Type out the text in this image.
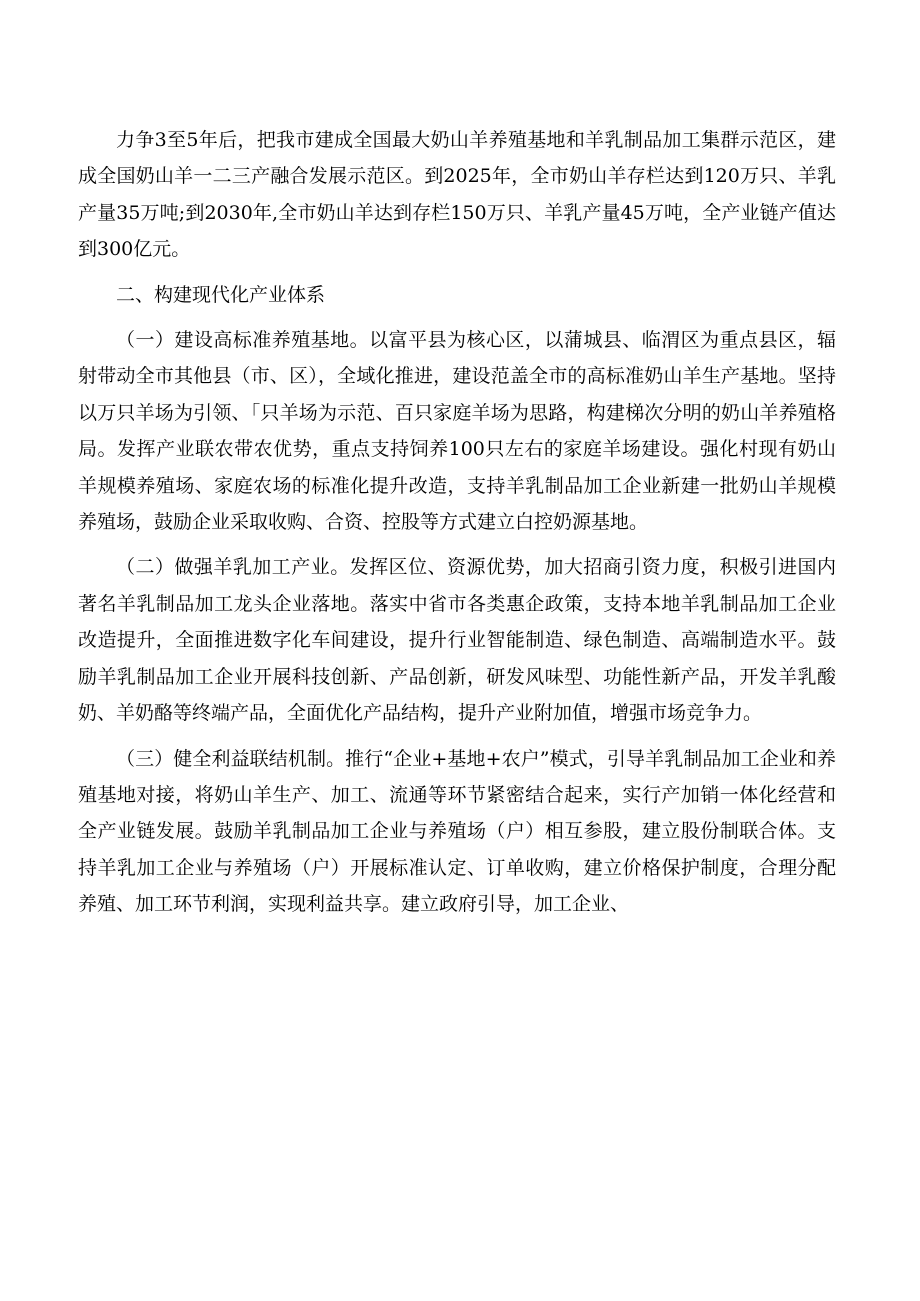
力争3至5年后，把我市建成全国最大奶山羊养殖基地和羊乳制品加工集群示范区，建成全国奶山羊一二三产融合发展示范区。到2025年，全市奶山羊存栏达到120万只、羊乳产量35万吨;到2030年,全市奶山羊达到存栏150万只、羊乳产量45万吨，全产业链产值达到300亿元。

二、构建现代化产业体系

（一）建设高标准养殖基地。以富平县为核心区，以蒲城县、临渭区为重点县区，辐射带动全市其他县（市、区），全域化推进，建设范盖全市的高标准奶山羊生产基地。坚持以万只羊场为引领、「只羊场为示范、百只家庭羊场为思路，构建梯次分明的奶山羊养殖格局。发挥产业联农带农优势，重点支持饲养100只左右的家庭羊场建设。强化村现有奶山羊规模养殖场、家庭农场的标准化提升改造，支持羊乳制品加工企业新建一批奶山羊规模养殖场，鼓励企业采取收购、合资、控股等方式建立白控奶源基地。

（二）做强羊乳加工产业。发挥区位、资源优势，加大招商引资力度，积极引进国内著名羊乳制品加工龙头企业落地。落实中省市各类惠企政策，支持本地羊乳制品加工企业改造提升，全面推进数字化车间建设，提升行业智能制造、绿色制造、高端制造水平。鼓励羊乳制品加工企业开展科技创新、产品创新，研发风味型、功能性新产品，开发羊乳酸奶、羊奶酪等终端产品，全面优化产品结构，提升产业附加值，增强市场竞争力。

（三）健全利益联结机制。推行“企业+基地+农户”模式，引导羊乳制品加工企业和养殖基地对接，将奶山羊生产、加工、流通等环节紧密结合起来，实行产加销一体化经营和全产业链发展。鼓励羊乳制品加工企业与养殖场（户）相互参股，建立股份制联合体。支持羊乳加工企业与养殖场（户）开展标准认定、订单收购，建立价格保护制度，合理分配养殖、加工环节利润，实现利益共享。建立政府引导，加工企业、
